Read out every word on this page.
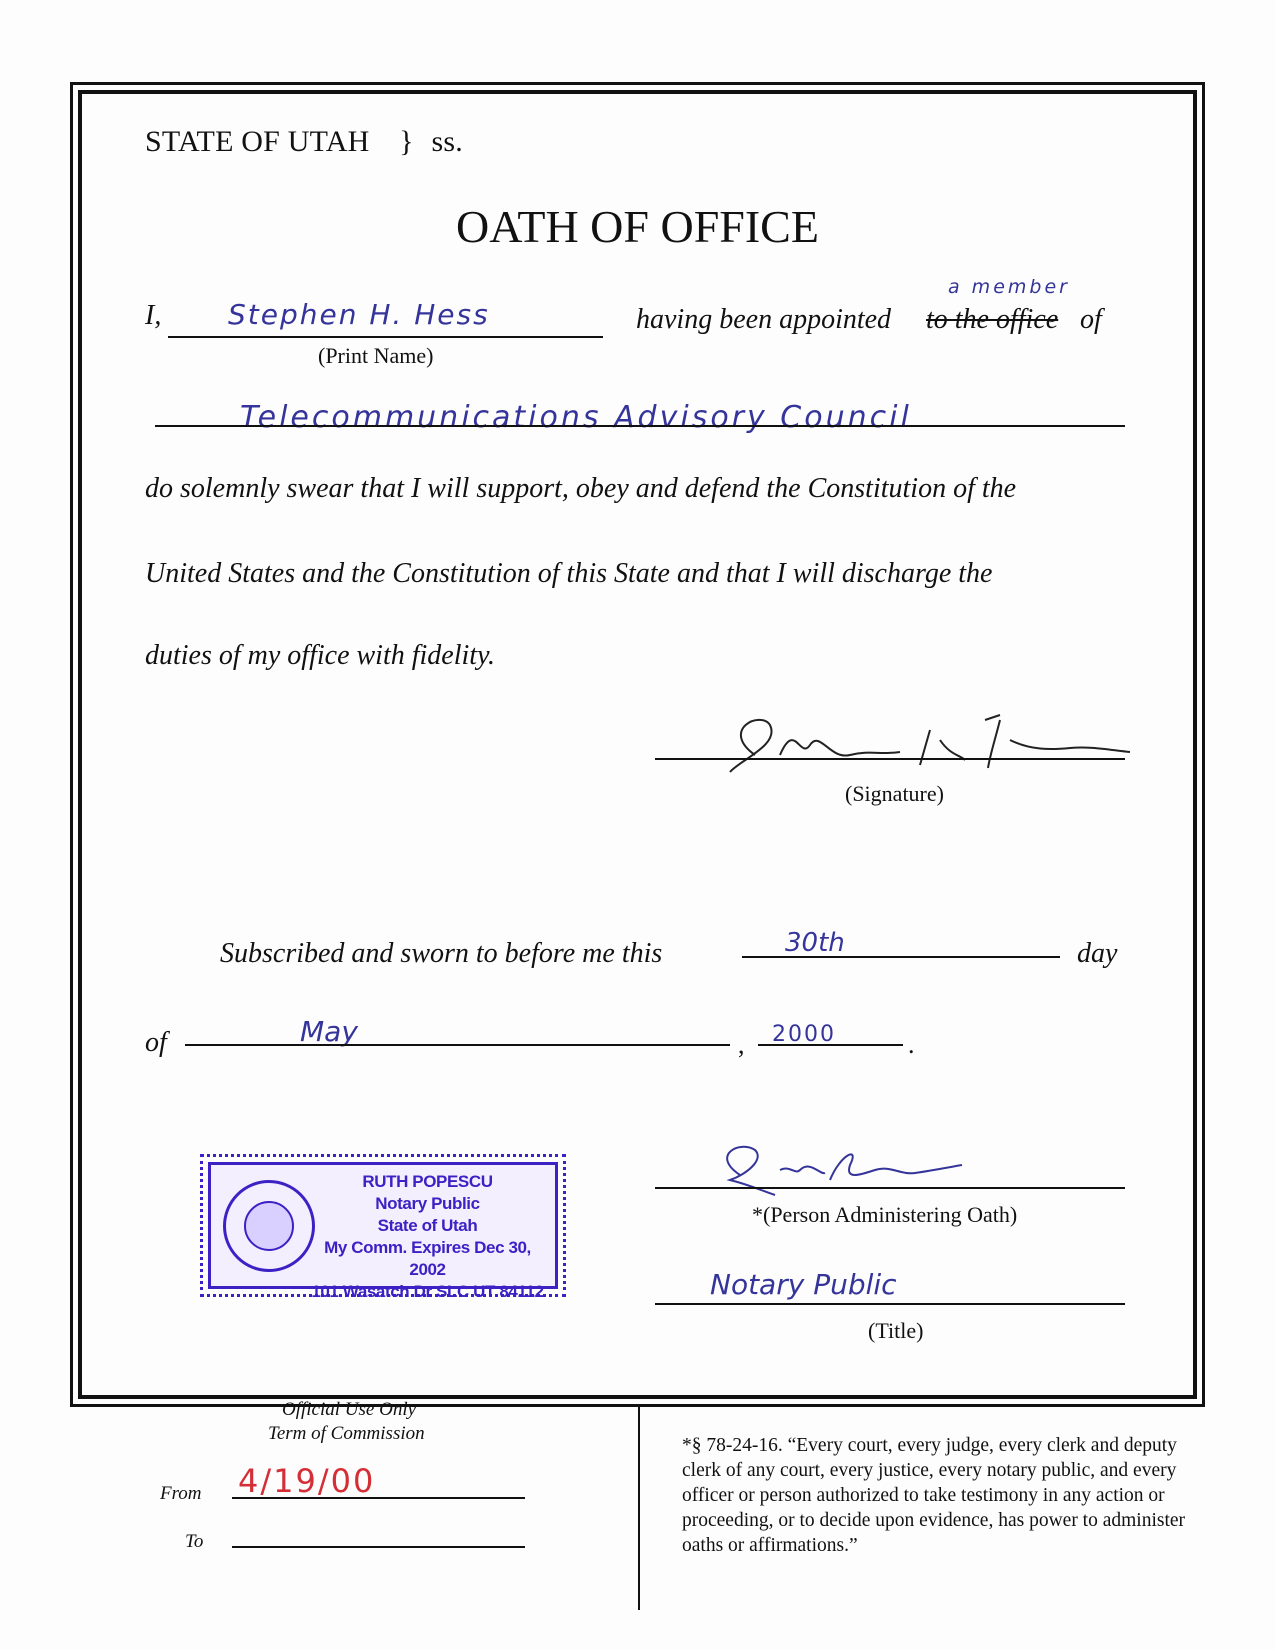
STATE OF UTAH } ss.
OATH OF OFFICE
I, Stephen H. Hess
(Print Name)
having been appointed to the office
a member
of
Telecommunications Advisory Council
do solemnly swear that I will support, obey and defend the Constitution of the
United States and the Constitution of this State and that I will discharge the
duties of my office with fidelity.
(Signature)
Subscribed and sworn to before me this	30th	day
of	May	, 2000	.
RUTH POPESCU
Notary Public
State of Utah
My Comm. Expires Dec 30, 2002
101 Wasatch Dr SLC UT 84112
*(Person Administering Oath)
Notary Public
(Title)
Official Use Only
Term of Commission
From 4/19/00
To
*§ 78-24-16. “Every court, every judge, every clerk and deputy clerk of any court, every justice, every notary public, and every officer or person authorized to take testimony in any action or proceeding, or to decide upon evidence, has power to administer oaths or affirmations.”
